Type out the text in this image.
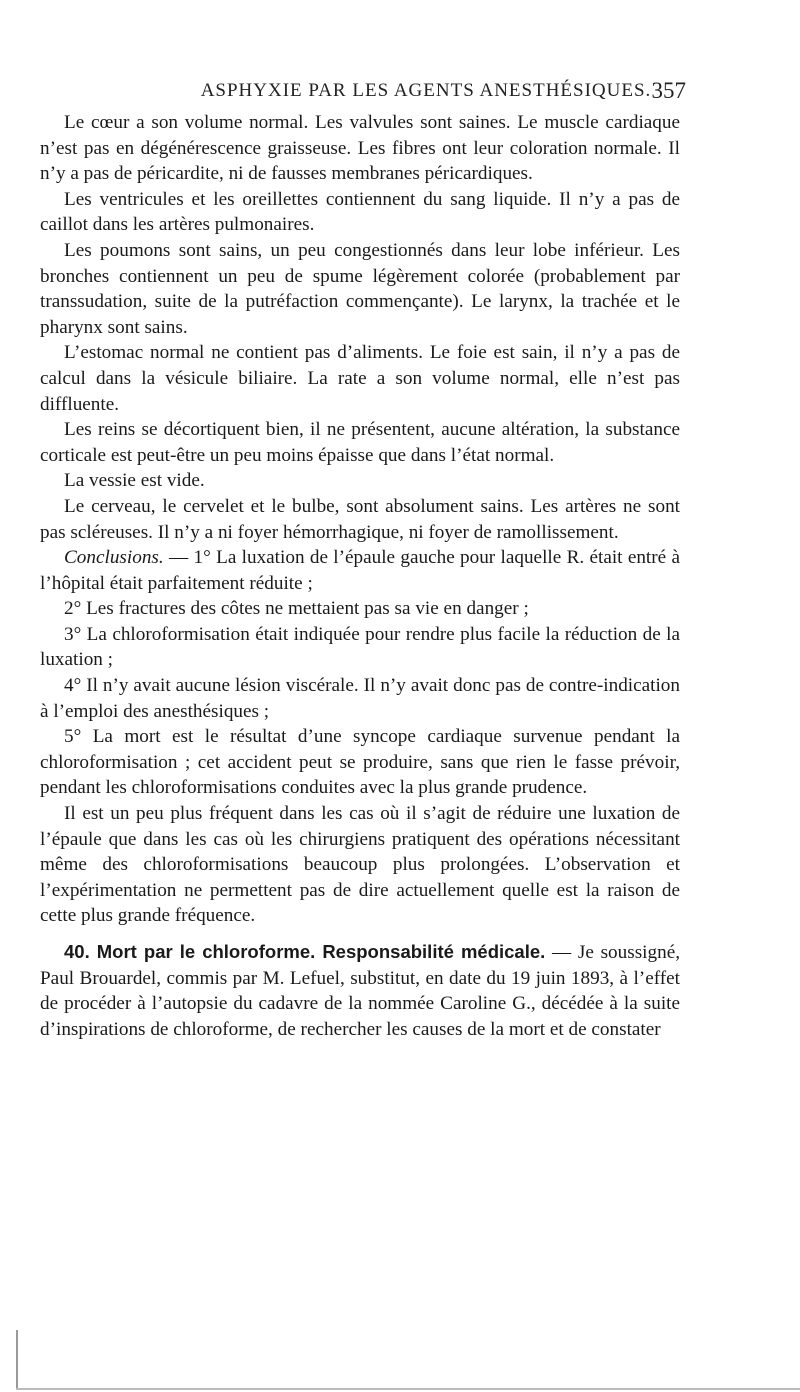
ASPHYXIE PAR LES AGENTS ANESTHÉSIQUES. 357

Le cœur a son volume normal. Les valvules sont saines. Le muscle cardiaque n’est pas en dégénérescence graisseuse. Les fibres ont leur coloration normale. Il n’y a pas de péricardite, ni de fausses membranes péricardiques.

Les ventricules et les oreillettes contiennent du sang liquide. Il n’y a pas de caillot dans les artères pulmonaires.

Les poumons sont sains, un peu congestionnés dans leur lobe inférieur. Les bronches contiennent un peu de spume légèrement colorée (probablement par transsudation, suite de la putréfaction commençante). Le larynx, la trachée et le pharynx sont sains.

L’estomac normal ne contient pas d’aliments. Le foie est sain, il n’y a pas de calcul dans la vésicule biliaire. La rate a son volume normal, elle n’est pas diffluente.

Les reins se décortiquent bien, il ne présentent, aucune altération, la substance corticale est peut-être un peu moins épaisse que dans l’état normal.

La vessie est vide.

Le cerveau, le cervelet et le bulbe, sont absolument sains. Les artères ne sont pas scléreuses. Il n’y a ni foyer hémorrhagique, ni foyer de ramollissement.

Conclusions. — 1° La luxation de l’épaule gauche pour laquelle R. était entré à l’hôpital était parfaitement réduite ;

2° Les fractures des côtes ne mettaient pas sa vie en danger ;

3° La chloroformisation était indiquée pour rendre plus facile la réduction de la luxation ;

4° Il n’y avait aucune lésion viscérale. Il n’y avait donc pas de contre-indication à l’emploi des anesthésiques ;

5° La mort est le résultat d’une syncope cardiaque survenue pendant la chloroformisation ; cet accident peut se produire, sans que rien le fasse prévoir, pendant les chloroformisations conduites avec la plus grande prudence.

Il est un peu plus fréquent dans les cas où il s’agit de réduire une luxation de l’épaule que dans les cas où les chirurgiens pratiquent des opérations nécessitant même des chloroformisations beaucoup plus prolongées. L’observation et l’expérimentation ne permettent pas de dire actuellement quelle est la raison de cette plus grande fréquence.

40. Mort par le chloroforme. Responsabilité médicale. — Je soussigné, Paul Brouardel, commis par M. Lefuel, substitut, en date du 19 juin 1893, à l’effet de procéder à l’autopsie du cadavre de la nommée Caroline G., décédée à la suite d’inspirations de chloroforme, de rechercher les causes de la mort et de constater
